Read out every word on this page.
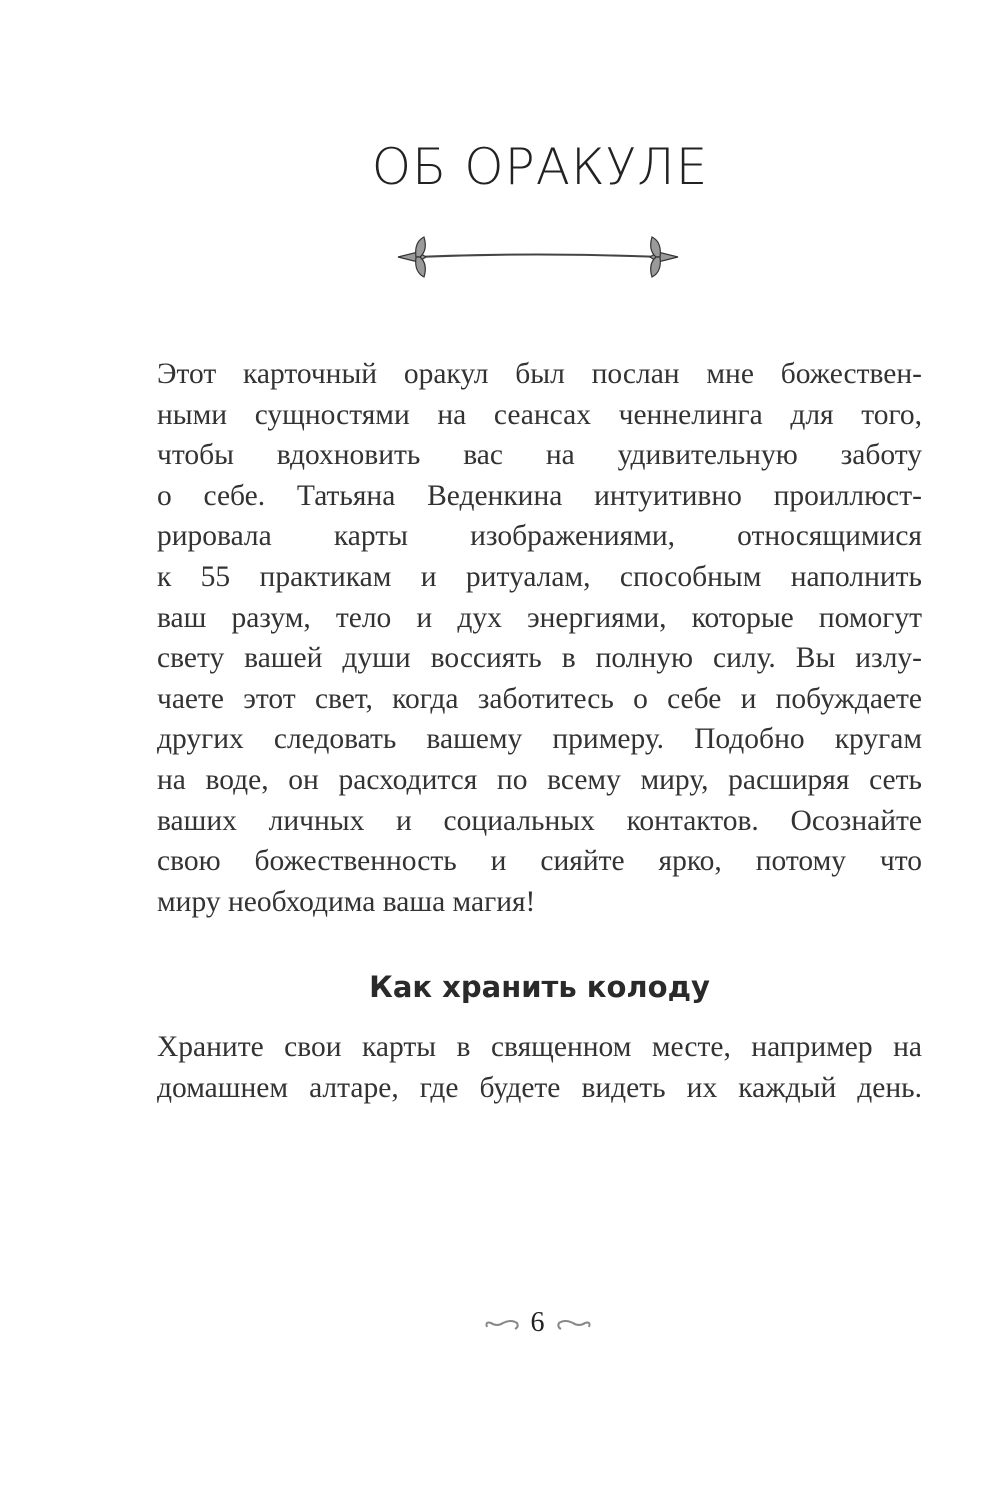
ОБ ОРАКУЛЕ
Этот карточный оракул был послан мне божествен-
ными сущностями на сеансах ченнелинга для того,
чтобы вдохновить вас на удивительную заботу
о себе. Татьяна Веденкина интуитивно проиллюст-
рировала карты изображениями, относящимися
к 55 практикам и ритуалам, способным наполнить
ваш разум, тело и дух энергиями, которые помогут
свету вашей души воссиять в полную силу. Вы излу-
чаете этот свет, когда заботитесь о себе и побуждаете
других следовать вашему примеру. Подобно кругам
на воде, он расходится по всему миру, расширяя сеть
ваших личных и социальных контактов. Осознайте
свою божественность и сияйте ярко, потому что
миру необходима ваша магия!
Как хранить колоду
Храните свои карты в священном месте, например на
домашнем алтаре, где будете видеть их каждый день.
6
